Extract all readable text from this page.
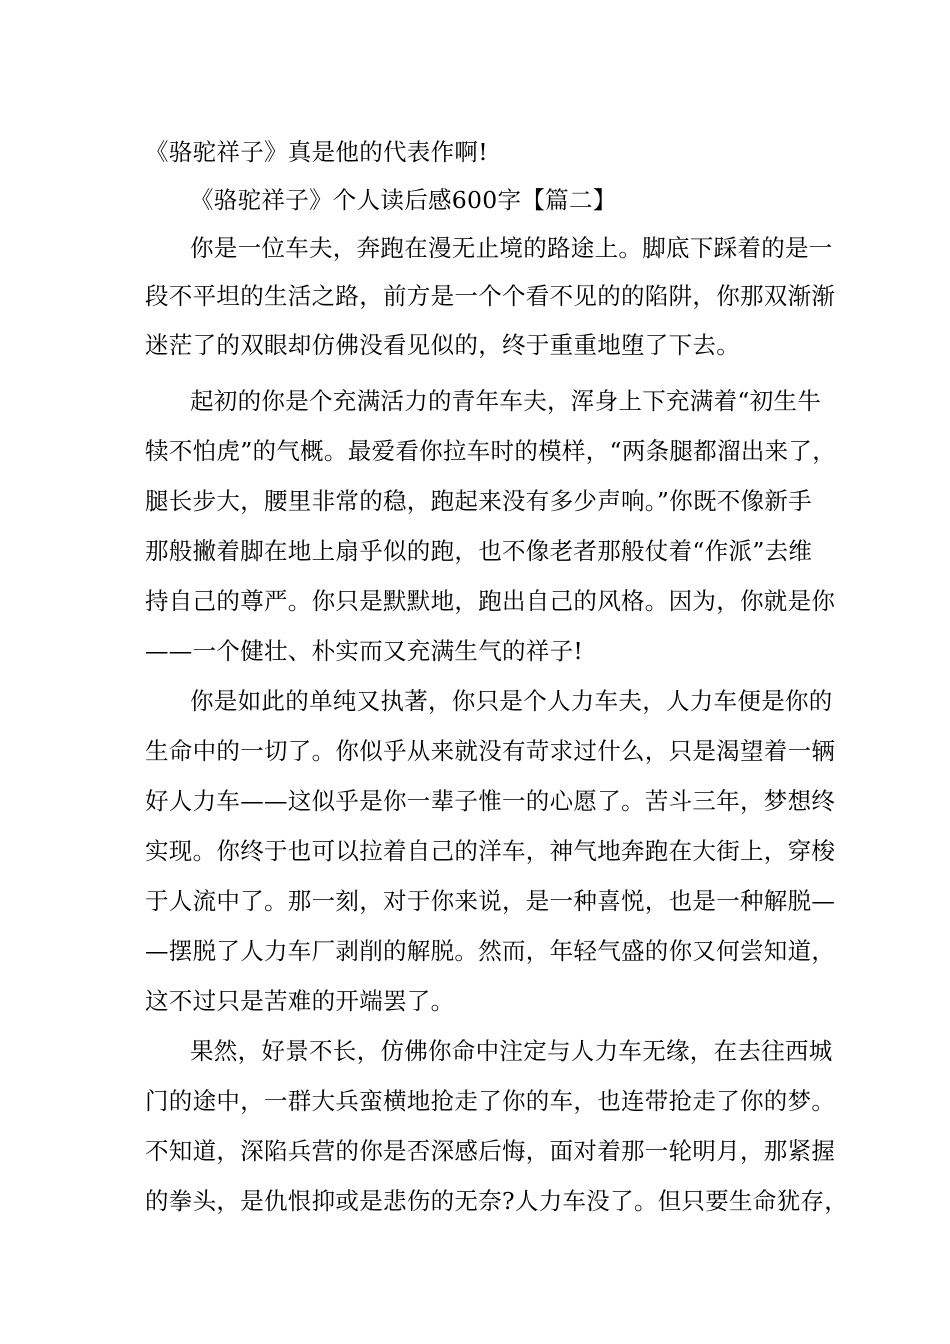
《骆驼祥子》真是他的代表作啊!
《骆驼祥子》个人读后感600字【篇二】
你是一位车夫，奔跑在漫无止境的路途上。脚底下踩着的是一
段不平坦的生活之路，前方是一个个看不见的的陷阱，你那双渐渐
迷茫了的双眼却仿佛没看见似的，终于重重地堕了下去。
起初的你是个充满活力的青年车夫，浑身上下充满着“初生牛
犊不怕虎”的气概。最爱看你拉车时的模样，“两条腿都溜出来了，
腿长步大，腰里非常的稳，跑起来没有多少声响。”你既不像新手
那般撇着脚在地上扇乎似的跑，也不像老者那般仗着“作派”去维
持自己的尊严。你只是默默地，跑出自己的风格。因为，你就是你
——一个健壮、朴实而又充满生气的祥子!
你是如此的单纯又执著，你只是个人力车夫，人力车便是你的
生命中的一切了。你似乎从来就没有苛求过什么，只是渴望着一辆
好人力车——这似乎是你一辈子惟一的心愿了。苦斗三年，梦想终
实现。你终于也可以拉着自己的洋车，神气地奔跑在大街上，穿梭
于人流中了。那一刻，对于你来说，是一种喜悦，也是一种解脱—
—摆脱了人力车厂剥削的解脱。然而，年轻气盛的你又何尝知道，
这不过只是苦难的开端罢了。
果然，好景不长，仿佛你命中注定与人力车无缘，在去往西城
门的途中，一群大兵蛮横地抢走了你的车，也连带抢走了你的梦。
不知道，深陷兵营的你是否深感后悔，面对着那一轮明月，那紧握
的拳头，是仇恨抑或是悲伤的无奈?人力车没了。但只要生命犹存，
